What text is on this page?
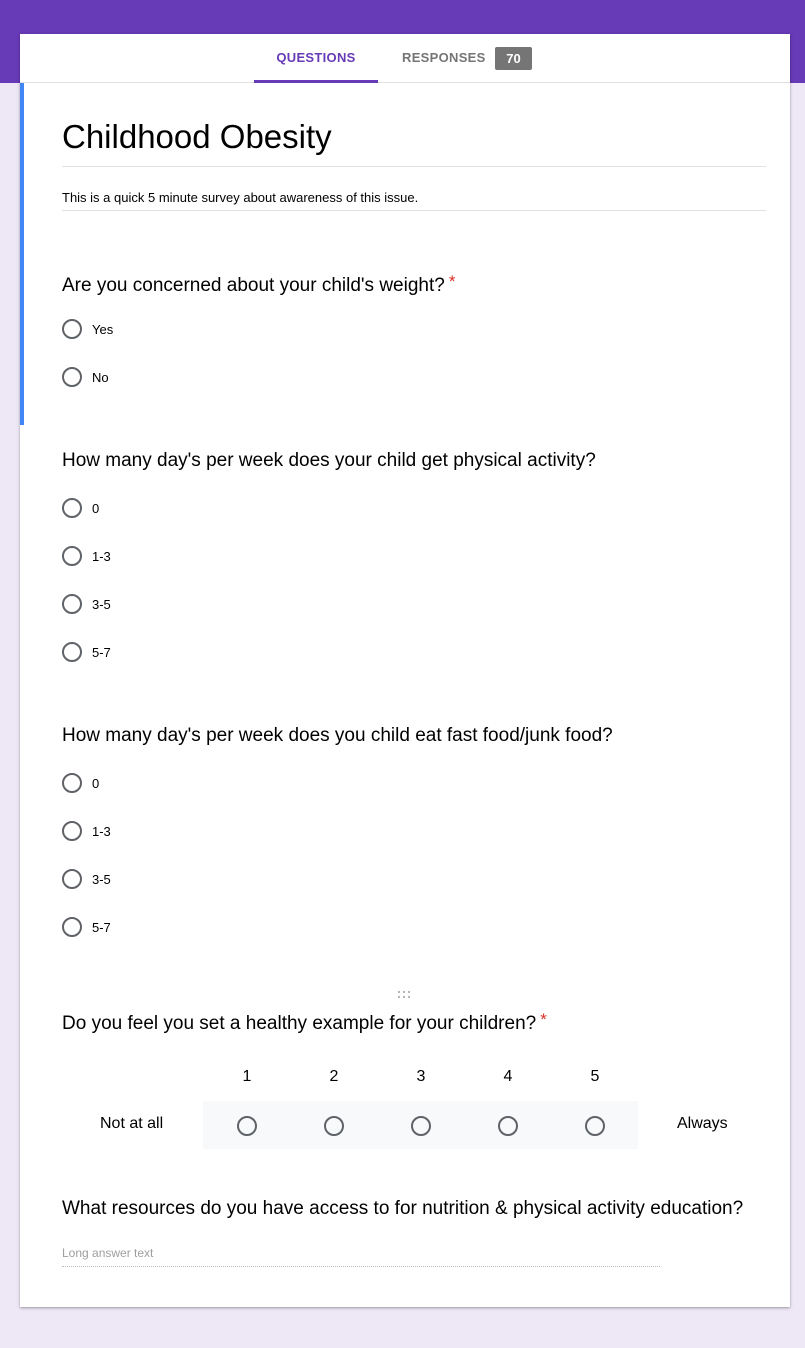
QUESTIONS	RESPONSES	70
Childhood Obesity
This is a quick 5 minute survey about awareness of this issue.
Are you concerned about your child's weight? *
Yes
No
How many day's per week does your child get physical activity?
0
1-3
3-5
5-7
How many day's per week does you child eat fast food/junk food?
0
1-3
3-5
5-7
Do you feel you set a healthy example for your children? *
1	2	3	4	5
Not at all	Always
What resources do you have access to for nutrition & physical activity education?
Long answer text
